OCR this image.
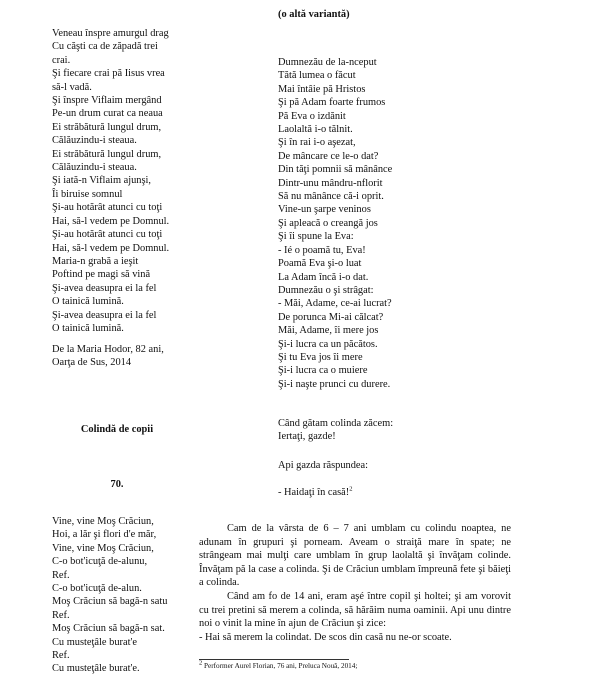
Veneau înspre amurgul drag
Cu căşti ca de zăpadă trei
crai.
Şi fiecare crai pă Iisus vrea
să-l vadă.
Şi înspre Viflaim mergând
Pe-un drum curat ca neaua
Ei străbătură lungul drum,
Călăuzindu-i steaua.
Ei străbătură lungul drum,
Călăuzindu-i steaua.
Şi iată-n Viflaim ajunşi,
Îi biruise somnul
Şi-au hotărât atunci cu toţi
Hai, să-l vedem pe Domnul.
Şi-au hotărât atunci cu toţi
Hai, să-l vedem pe Domnul.
Maria-n grabă a ieşit
Poftind pe magi să vină
Şi-avea deasupra ei la fel
O tainică lumină.
Şi-avea deasupra ei la fel
O tainică lumină.
De la Maria Hodor, 82 ani,
Oarţa de Sus, 2014
Colindă de copii
70.
Vine, vine Moş Crăciun,
Hoi, a lăr şi flori d'e măr,
Vine, vine Moş Crăciun,
C-o bot'icuţă de-alunu,
Ref.
C-o bot'icuţă de-alun.
Moş Crăciun să bagă-n satu
Ref.
Moş Crăciun să bagă-n sat.
Cu musteţâle burat'e
Ref.
Cu musteţâle burat'e.
(o altă variantă)
Dumnezău de la-nceput
Tătă lumea o făcut
Mai întâie pă Hristos
Şi pă Adam foarte frumos
Pă Eva o izdănit
Laolaltă i-o tălnit.
Şi în rai i-o aşezat,
De mâncare ce le-o dat?
Din tăţi pomnii să mânânce
Dintr-unu mândru-nflorit
Să nu mânânce că-i oprit.
Vine-un şarpe veninos
Şi apleacă o creangă jos
Şi îi spune la Eva:
- Ié o poamă tu, Eva!
Poamă Eva şi-o luat
La Adam încă i-o dat.
Dumnezău o şi strâgat:
- Măi, Adame, ce-ai lucrat?
De porunca Mi-ai călcat?
Măi, Adame, îi mere jos
Şi-i lucra ca un păcătos.
Şi tu Eva jos îi mere
Şi-i lucra ca o muiere
Şi-i naşte prunci cu durere.
Când gătam colinda zăcem:
Iertaţi, gazde!
Api gazda răspundea:
- Haidaţi în casă!$^2$

Cam de la vârsta de 6 – 7 ani umblam cu colindu noaptea, ne adunam în grupuri şi porneam. Aveam o straiţă mare în spate; ne strângeam mai mulţi care umblam în grup laolaltă şi învăţam colinde. Învăţam pă la case a colinda. Şi de Crăciun umblam împreună fete şi băieţi a colinda.

Când am fo de 14 ani, eram aşé între copil şi holtei; şi am vorovit cu trei pretini să merem a colinda, să hărăim numa oaminii. Api unu dintre noi o vinit la mine în ajun de Crăciun şi zice:

- Hai să merem la colindat. De scos din casă nu ne-or scoate.

$^2$ Performer Aurel Florian, 76 ani, Preluca Nouă, 2014;
